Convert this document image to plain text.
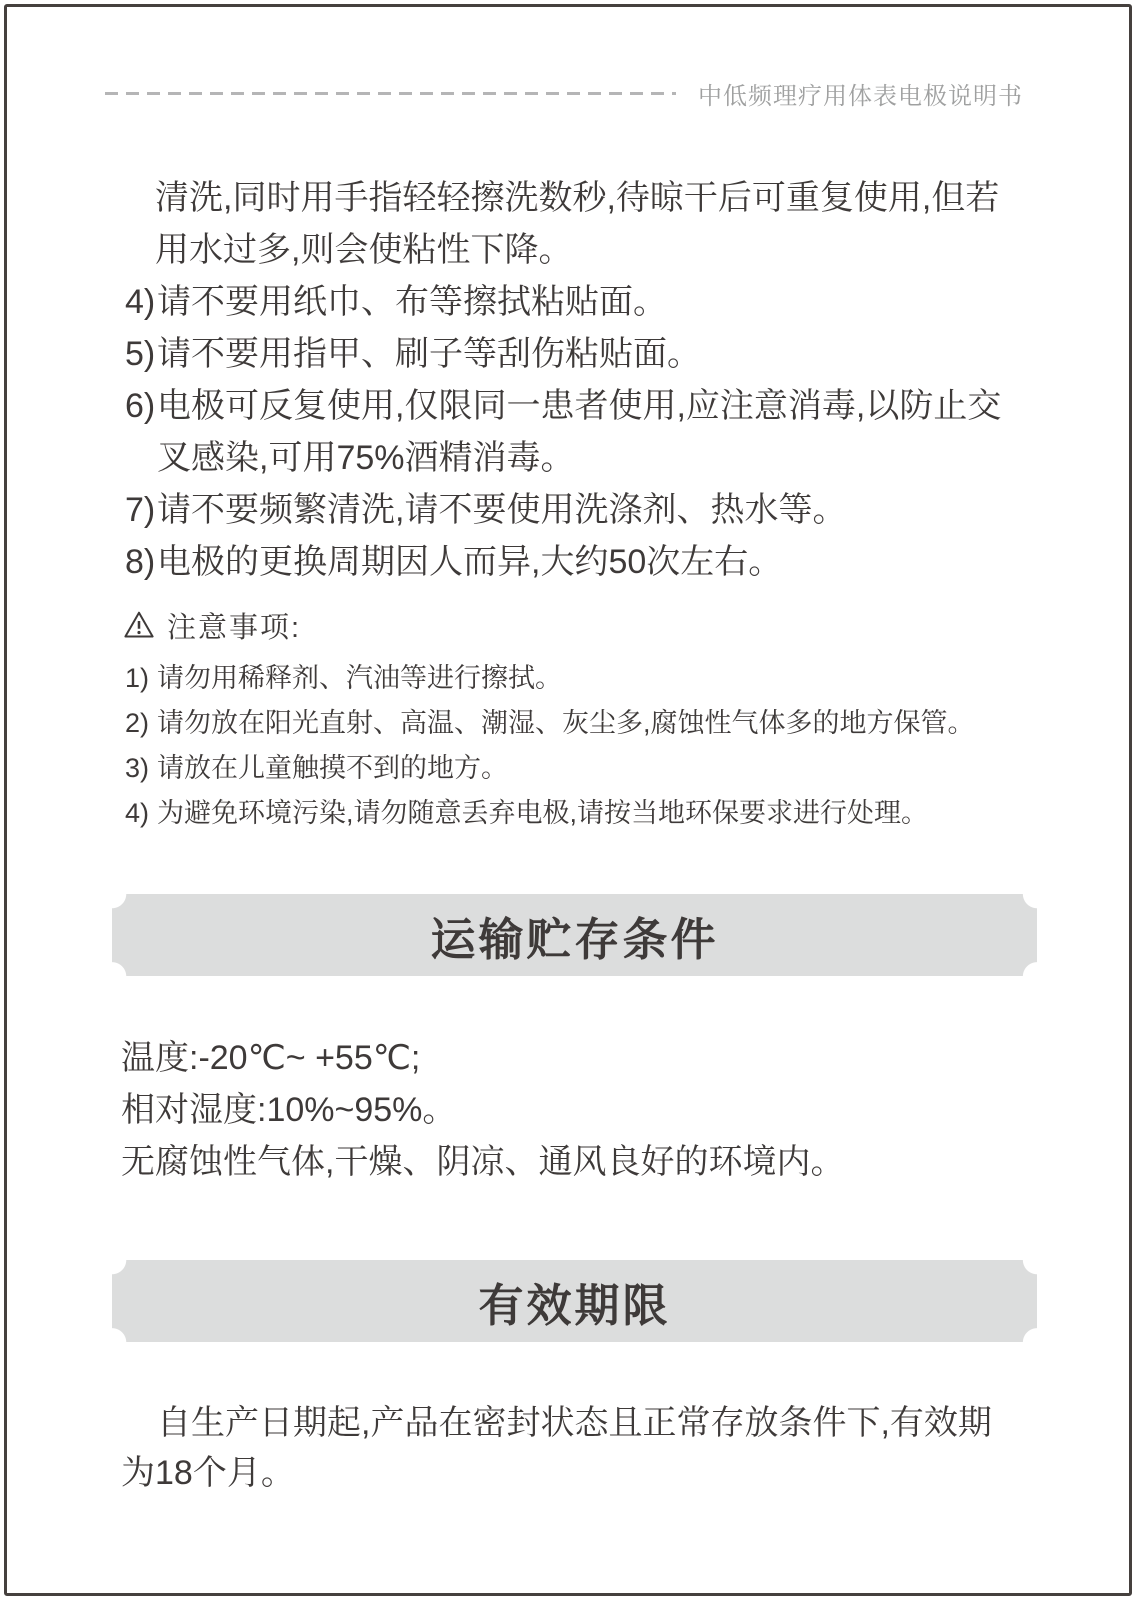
中低频理疗用体表电极说明书
清洗,同时用手指轻轻擦洗数秒,待晾干后可重复使用,但若用水过多,则会使粘性下降。
4) 请不要用纸巾、布等擦拭粘贴面。
5) 请不要用指甲、刷子等刮伤粘贴面。
6) 电极可反复使用,仅限同一患者使用,应注意消毒,以防止交叉感染,可用75%酒精消毒。
7) 请不要频繁清洗,请不要使用洗涤剂、热水等。
8) 电极的更换周期因人而异,大约50次左右。
注意事项:
1) 请勿用稀释剂、汽油等进行擦拭。
2) 请勿放在阳光直射、高温、潮湿、灰尘多,腐蚀性气体多的地方保管。
3) 请放在儿童触摸不到的地方。
4) 为避免环境污染,请勿随意丢弃电极,请按当地环保要求进行处理。
运输贮存条件
温度:-20℃~ +55℃;
相对湿度:10%~95%。
无腐蚀性气体,干燥、阴凉、通风良好的环境内。
有效期限

自生产日期起,产品在密封状态且正常存放条件下,有效期为18个月。
